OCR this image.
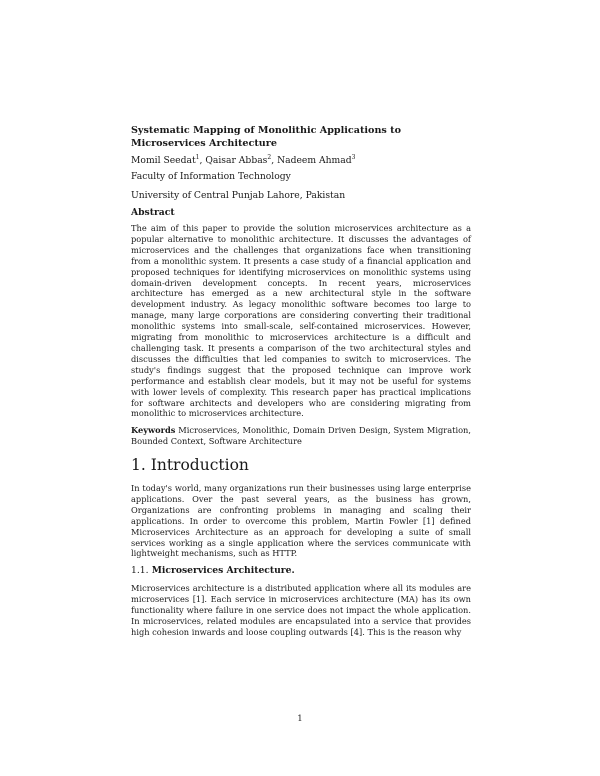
Systematic Mapping of Monolithic Applications to Microservices Architecture
Momil Seedat$^1$, Qaisar Abbas$^2$, Nadeem Ahmad$^3$
Faculty of Information Technology
University of Central Punjab Lahore, Pakistan
Abstract
The aim of this paper to provide the solution microservices architecture as a popular alternative to monolithic architecture. It discusses the advantages of microservices and the challenges that organizations face when transitioning from a monolithic system. It presents a case study of a financial application and proposed techniques for identifying microservices on monolithic systems using domain-driven development concepts. In recent years, microservices architecture has emerged as a new architectural style in the software development industry. As legacy monolithic software becomes too large to manage, many large corporations are considering converting their traditional monolithic systems into small-scale, self-contained microservices. However, migrating from monolithic to microservices architecture is a difficult and challenging task. It presents a comparison of the two architectural styles and discusses the difficulties that led companies to switch to microservices. The study's findings suggest that the proposed technique can improve work performance and establish clear models, but it may not be useful for systems with lower levels of complexity. This research paper has practical implications for software architects and developers who are considering migrating from monolithic to microservices architecture.
Keywords Microservices, Monolithic, Domain Driven Design, System Migration, Bounded Context, Software Architecture
1. Introduction
In today's world, many organizations run their businesses using large enterprise applications. Over the past several years, as the business has grown, Organizations are confronting problems in managing and scaling their applications. In order to overcome this problem, Martin Fowler [1] defined Microservices Architecture as an approach for developing a suite of small services working as a single application where the services communicate with lightweight mechanisms, such as HTTP.
1.1. Microservices Architecture.
Microservices architecture is a distributed application where all its modules are microservices [1]. Each service in microservices architecture (MA) has its own functionality where failure in one service does not impact the whole application. In microservices, related modules are encapsulated into a service that provides high cohesion inwards and loose coupling outwards [4]. This is the reason why
1
